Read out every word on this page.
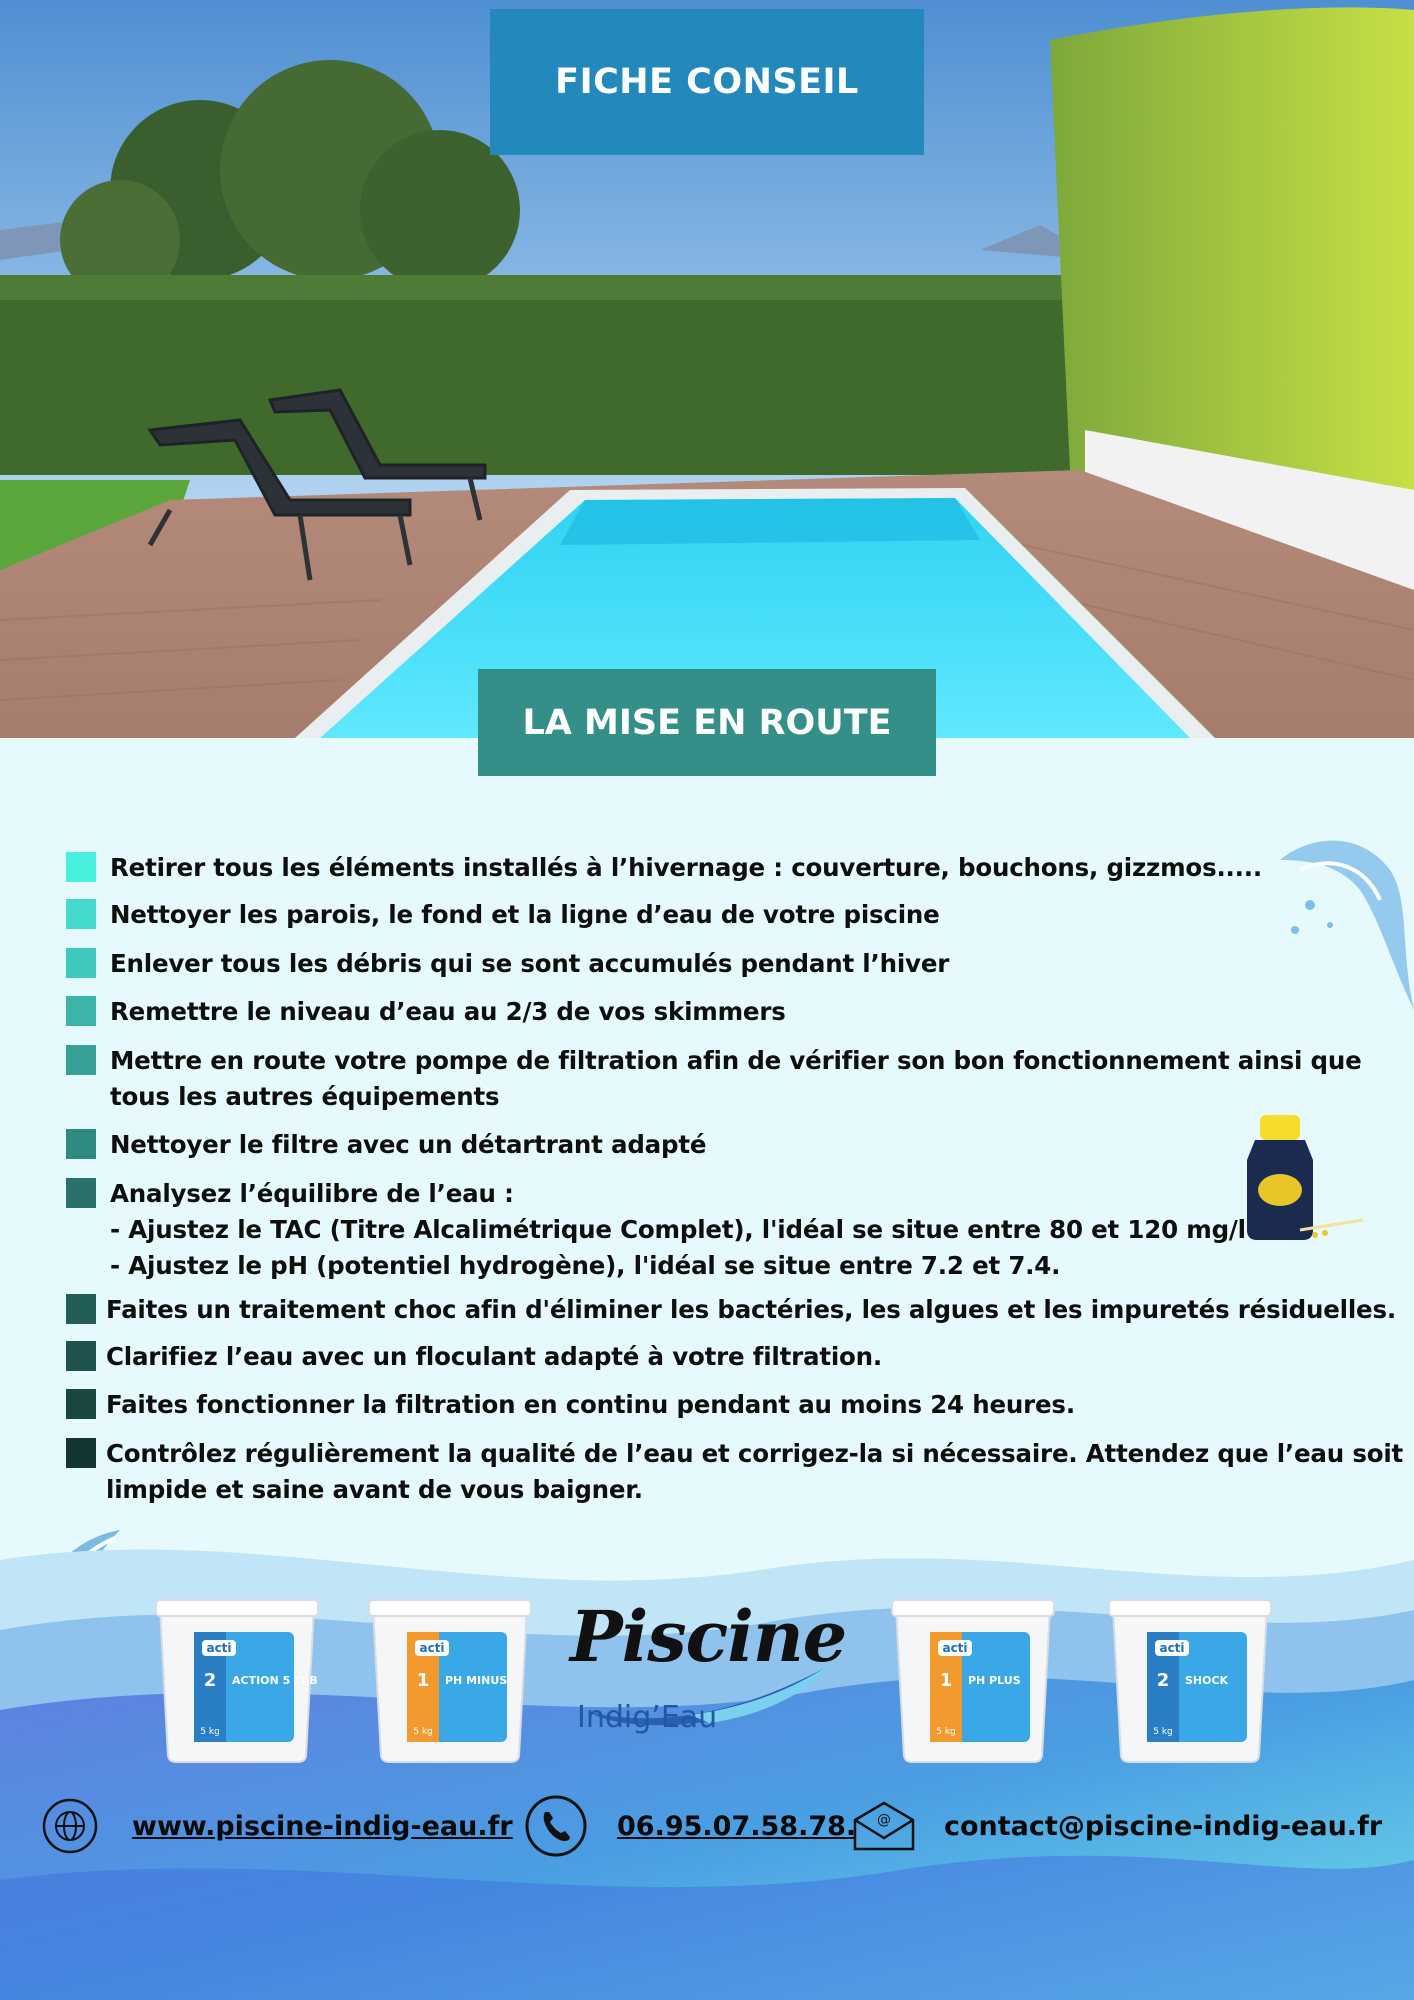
FICHE CONSEIL
LA MISE EN ROUTE
Retirer tous les éléments installés à l’hivernage : couverture, bouchons, gizzmos.....
Nettoyer les parois, le fond et la ligne d’eau de votre piscine
Enlever tous les débris qui se sont accumulés pendant l’hiver
Remettre le niveau d’eau au 2/3 de vos skimmers
Mettre en route votre pompe de filtration afin de vérifier son bon fonctionnement ainsi que
tous les autres équipements
Nettoyer le filtre avec un détartrant adapté
Analysez l’équilibre de l’eau :
- Ajustez le TAC (Titre Alcalimétrique Complet), l'idéal se situe entre 80 et 120 mg/l
- Ajustez le pH (potentiel hydrogène), l'idéal se situe entre 7.2 et 7.4.
Faites un traitement choc afin d'éliminer les bactéries, les algues et les impuretés résiduelles.
Clarifiez l’eau avec un floculant adapté à votre filtration.
Faites fonctionner la filtration en continu pendant au moins 24 heures.
Contrôlez régulièrement la qualité de l’eau et corrigez-la si nécessaire. Attendez que l’eau soit
limpide et saine avant de vous baigner.
acti
2 ACTION 5 TAB
5 kg
acti
1 PH MINUS
5 kg
acti
1 PH PLUS
5 kg
acti
2 SHOCK
5 kg
Piscine
Indig’Eau
www.piscine-indig-eau.fr	06.95.07.58.78. @ contact@piscine-indig-eau.fr
